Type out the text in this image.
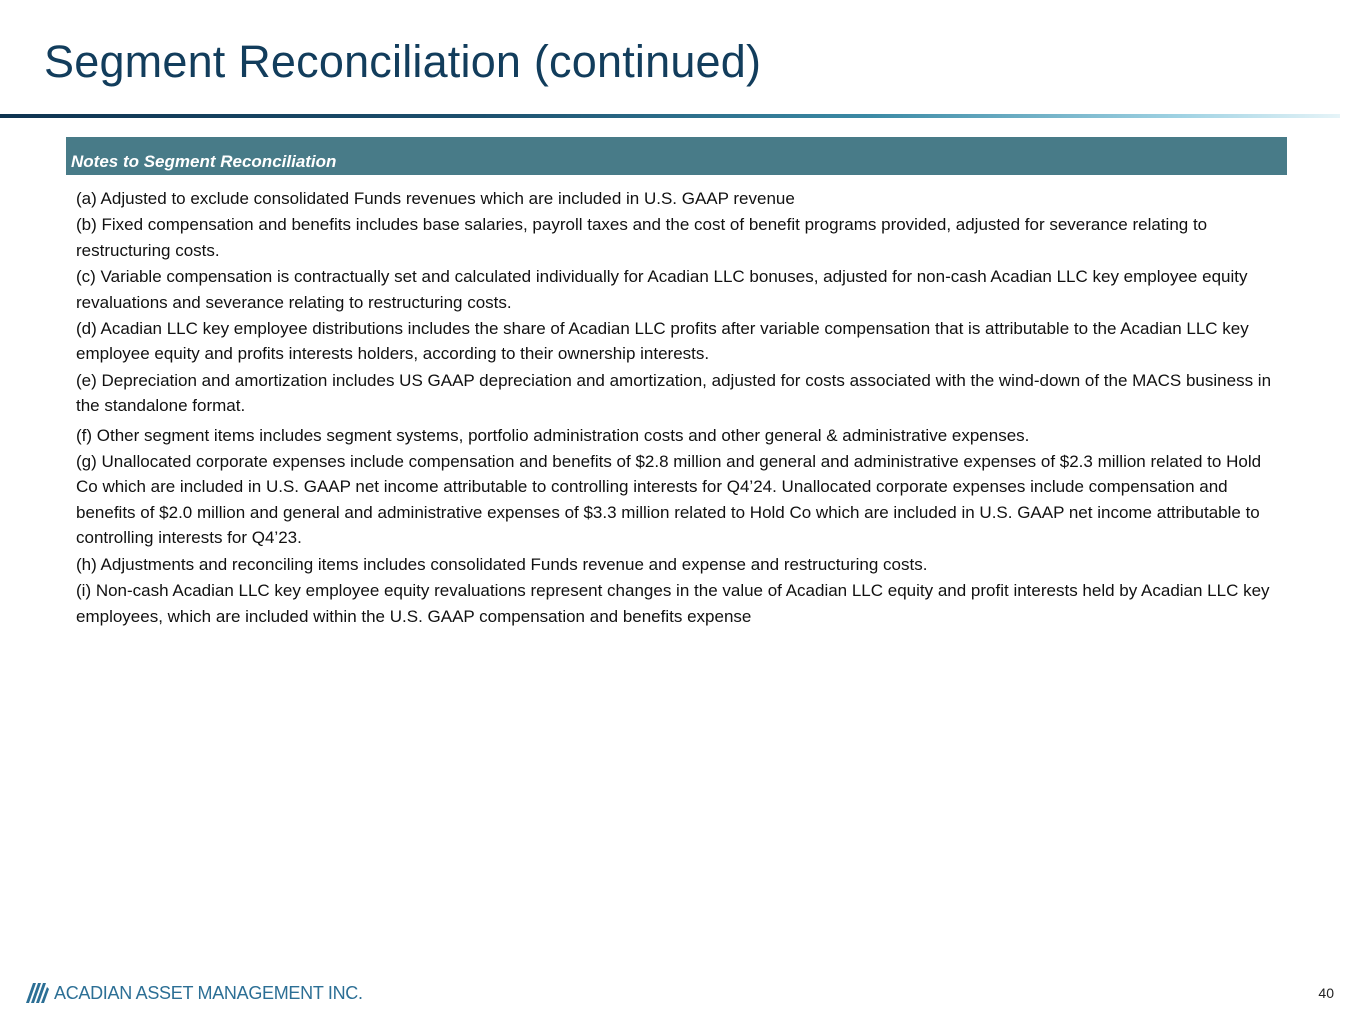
Segment Reconciliation (continued)
Notes to Segment Reconciliation
(a) Adjusted to exclude consolidated Funds revenues which are included in U.S. GAAP revenue
(b) Fixed compensation and benefits includes base salaries, payroll taxes and the cost of benefit programs provided, adjusted for severance relating to restructuring costs.
(c) Variable compensation is contractually set and calculated individually for Acadian LLC bonuses, adjusted for non-cash Acadian LLC key employee equity revaluations and severance relating to restructuring costs.
(d) Acadian LLC key employee distributions includes the share of Acadian LLC profits after variable compensation that is attributable to the Acadian LLC key employee equity and profits interests holders, according to their ownership interests.
(e) Depreciation and amortization includes US GAAP depreciation and amortization, adjusted for costs associated with the wind-down of the MACS business in the standalone format.
(f) Other segment items includes segment systems, portfolio administration costs and other general & administrative expenses.
(g) Unallocated corporate expenses include compensation and benefits of $2.8 million and general and administrative expenses of $2.3 million related to Hold Co which are included in U.S. GAAP net income attributable to controlling interests for Q4’24. Unallocated corporate expenses include compensation and benefits of $2.0 million and general and administrative expenses of $3.3 million related to Hold Co which are included in U.S. GAAP net income attributable to controlling interests for Q4’23.
(h) Adjustments and reconciling items includes consolidated Funds revenue and expense and restructuring costs.
(i) Non-cash Acadian LLC key employee equity revaluations represent changes in the value of Acadian LLC equity and profit interests held by Acadian LLC key employees, which are included within the U.S. GAAP compensation and benefits expense
ACADIAN ASSET MANAGEMENT INC.	40
